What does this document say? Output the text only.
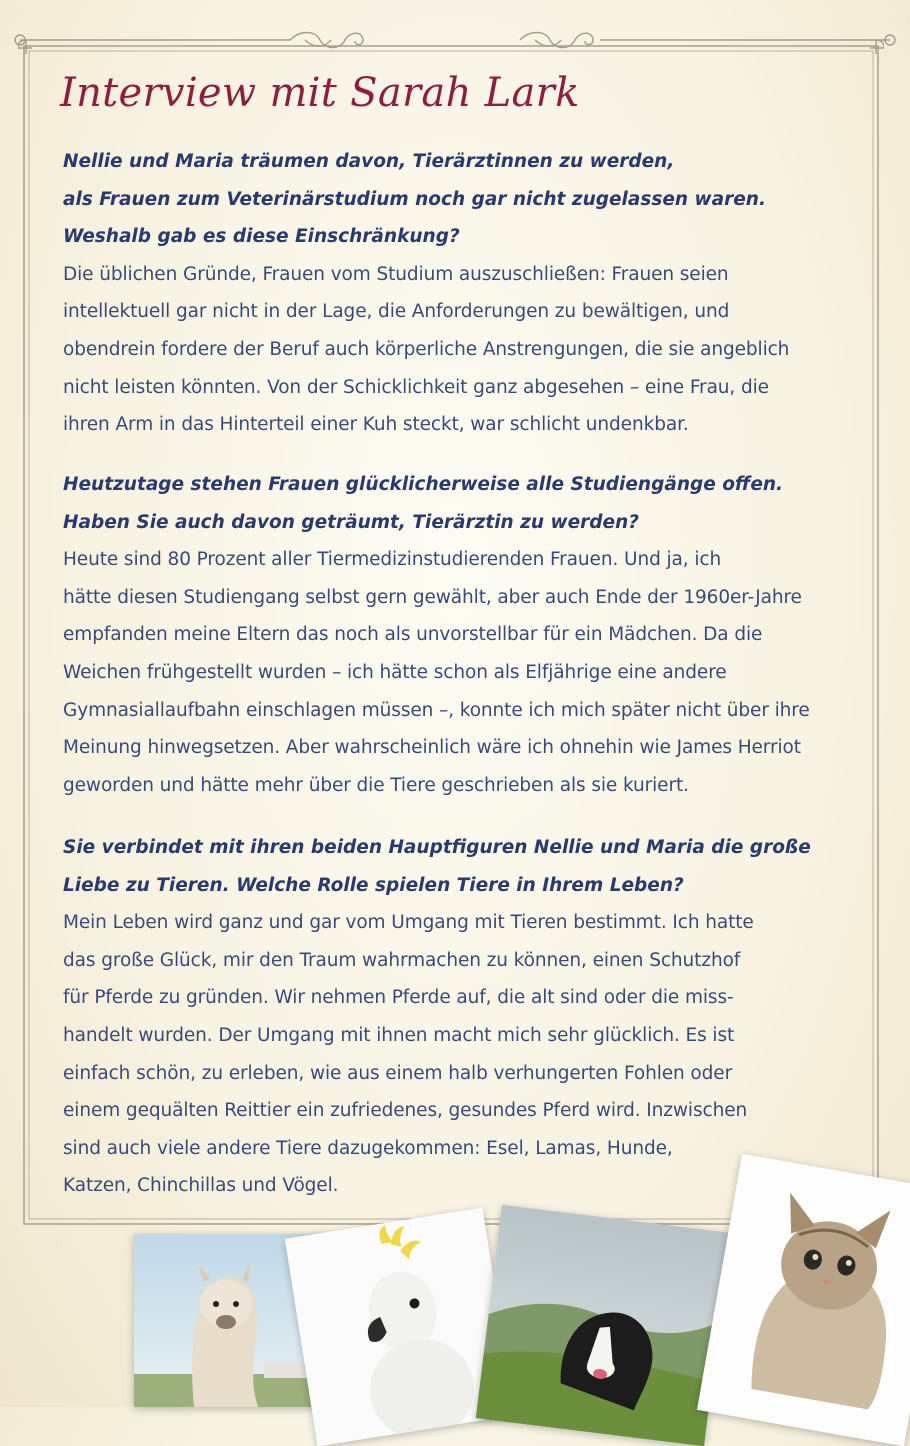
Interview mit Sarah Lark

Nellie und Maria träumen davon, Tierärztinnen zu werden,

als Frauen zum Veterinärstudium noch gar nicht zugelassen waren.

Weshalb gab es diese Einschränkung?

Die üblichen Gründe, Frauen vom Studium auszuschließen: Frauen seien

intellektuell gar nicht in der Lage, die Anforderungen zu bewältigen, und

obendrein fordere der Beruf auch körperliche Anstrengungen, die sie angeblich

nicht leisten könnten. Von der Schicklichkeit ganz abgesehen – eine Frau, die

ihren Arm in das Hinterteil einer Kuh steckt, war schlicht undenkbar.

Heutzutage stehen Frauen glücklicherweise alle Studiengänge offen.

Haben Sie auch davon geträumt, Tierärztin zu werden?

Heute sind 80 Prozent aller Tiermedizinstudierenden Frauen. Und ja, ich

hätte diesen Studiengang selbst gern gewählt, aber auch Ende der 1960er-Jahre

empfanden meine Eltern das noch als unvorstellbar für ein Mädchen. Da die

Weichen frühgestellt wurden – ich hätte schon als Elfjährige eine andere

Gymnasiallaufbahn einschlagen müssen –, konnte ich mich später nicht über ihre

Meinung hinwegsetzen. Aber wahrscheinlich wäre ich ohnehin wie James Herriot

geworden und hätte mehr über die Tiere geschrieben als sie kuriert.

Sie verbindet mit ihren beiden Hauptfiguren Nellie und Maria die große

Liebe zu Tieren. Welche Rolle spielen Tiere in Ihrem Leben?

Mein Leben wird ganz und gar vom Umgang mit Tieren bestimmt. Ich hatte

das große Glück, mir den Traum wahrmachen zu können, einen Schutzhof

für Pferde zu gründen. Wir nehmen Pferde auf, die alt sind oder die miss-

handelt wurden. Der Umgang mit ihnen macht mich sehr glücklich. Es ist

einfach schön, zu erleben, wie aus einem halb verhungerten Fohlen oder

einem gequälten Reittier ein zufriedenes, gesundes Pferd wird. Inzwischen

sind auch viele andere Tiere dazugekommen: Esel, Lamas, Hunde,

Katzen, Chinchillas und Vögel.
